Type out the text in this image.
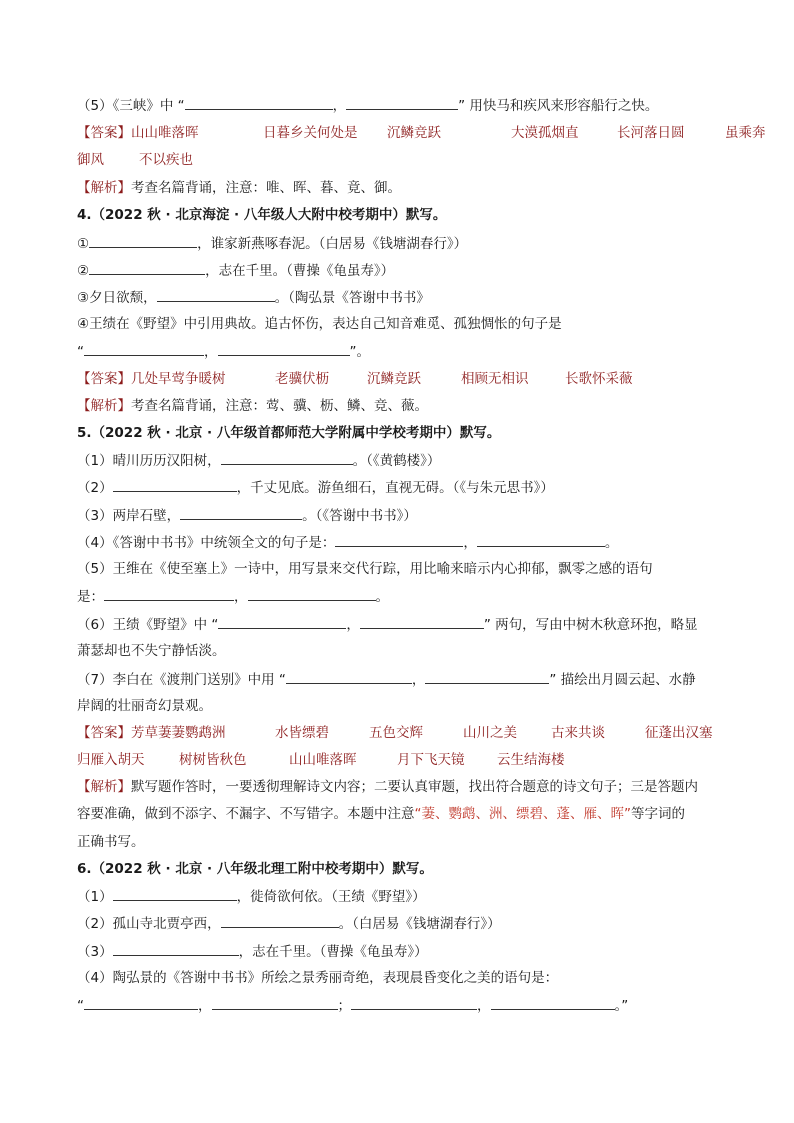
（5）《三峡》中 “	，	” 用快马和疾风来形容船行之快。
【答案】山山唯落晖	日暮乡关何处是 沉鳞竞跃	大漠孤烟直	长河落日圆	虽乘奔
御风	不以疾也
【解析】考查名篇背诵，注意：唯、晖、暮、竟、御。
4.（2022 秋 · 北京海淀 · 八年级人大附中校考期中）默写。
①	，谁家新燕啄春泥。（白居易《钱塘湖春行》）
②	，志在千里。（曹操《龟虽寿》）
③夕日欲颓，	。（陶弘景《答谢中书书》
④王绩在《野望》中引用典故。追古怀伤，表达自己知音难觅、孤独惆怅的句子是
“	，	”。
【答案】几处早莺争暖树	老骥伏枥	沉鳞竞跃	相顾无相识	长歌怀采薇
【解析】考查名篇背诵，注意：莺、骥、枥、鳞、竞、薇。
5.（2022 秋 · 北京 · 八年级首都师范大学附属中学校考期中）默写。
（1）晴川历历汉阳树，	。（《黄鹤楼》）
（2）	，千丈见底。游鱼细石，直视无碍。（《与朱元思书》）
（3）两岸石壁，	。（《答谢中书书》）
（4）《答谢中书书》中统领全文的句子是：	，	。
（5）王维在《使至塞上》一诗中，用写景来交代行踪，用比喻来暗示内心抑郁，飘零之感的语句
是：	，	。
（6）王绩《野望》中 “	，	” 两句，写由中树木秋意环抱，略显
萧瑟却也不失宁静恬淡。
（7）李白在《渡荆门送别》中用 “	，	” 描绘出月圆云起、水静
岸阔的壮丽奇幻景观。
【答案】芳草萋萋鹦鹉洲	水皆缥碧	五色交辉	山川之美	古来共谈	征蓬出汉塞
归雁入胡天	树树皆秋色	山山唯落晖	月下飞天镜 云生结海楼
【解析】默写题作答时，一要透彻理解诗文内容；二要认真审题，找出符合题意的诗文句子；三是答题内
容要准确，做到不添字、不漏字、不写错字。本题中注意“萋、鹦鹉、洲、缥碧、蓬、雁、晖”等字词的
正确书写。
6.（2022 秋 · 北京 · 八年级北理工附中校考期中）默写。
（1）	，徙倚欲何依。（王绩《野望》）
（2）孤山寺北贾亭西，	。（白居易《钱塘湖春行》）
（3）	，志在千里。（曹操《龟虽寿》）
（4）陶弘景的《答谢中书书》所绘之景秀丽奇绝，表现晨昏变化之美的语句是：
“	，	；	，	。”
